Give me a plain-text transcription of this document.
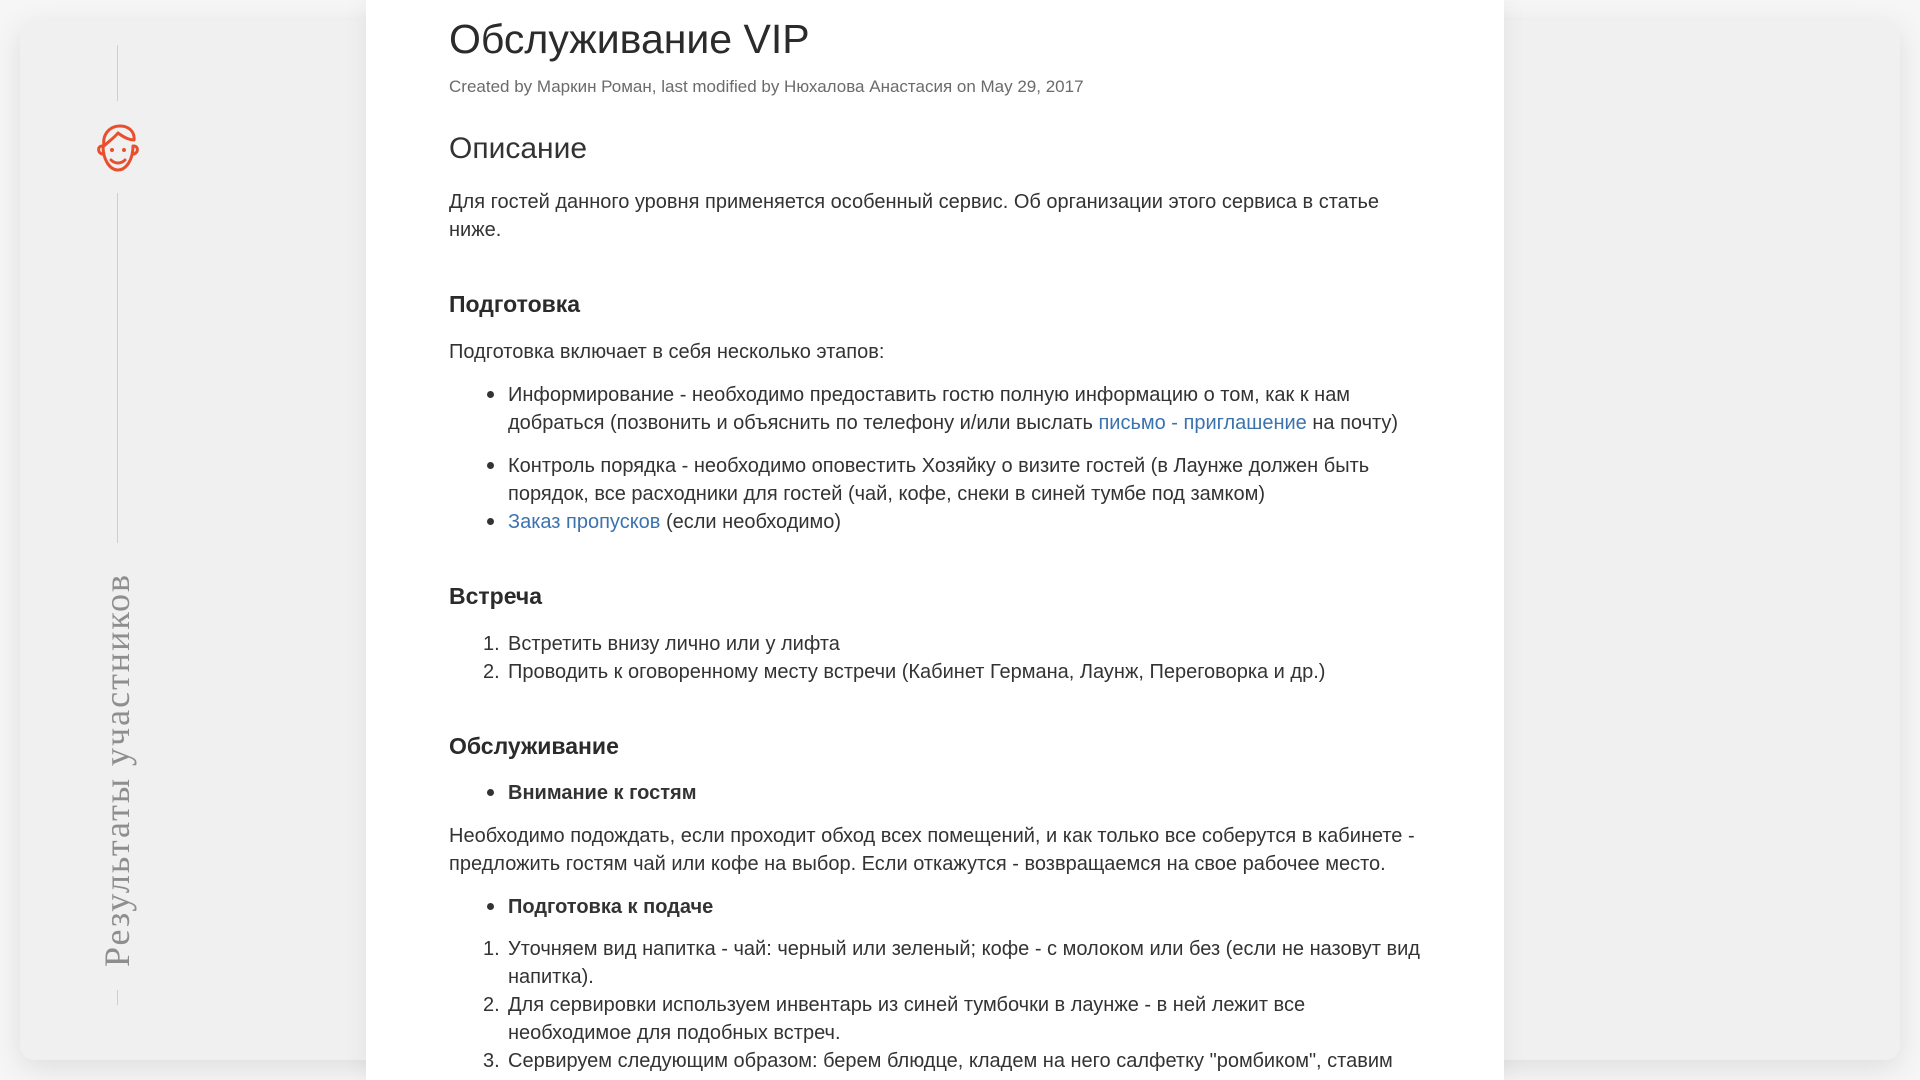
Результаты участников
Обслуживание VIP
Created by Маркин Роман, last modified by Нюхалова Анастасия on May 29, 2017
Описание
Для гостей данного уровня применяется особенный сервис. Об организации этого сервиса в статье
ниже.
Подготовка
Подготовка включает в себя несколько этапов:
Информирование - необходимо предоставить гостю полную информацию о том, как к нам
добраться (позвонить и объяснить по телефону и/или выслать письмо - приглашение на почту)
Контроль порядка - необходимо оповестить Хозяйку о визите гостей (в Лаунже должен быть
порядок, все расходники для гостей (чай, кофе, снеки в синей тумбе под замком)
Заказ пропусков (если необходимо)
Встреча
1. Встретить внизу лично или у лифта
2. Проводить к оговоренному месту встречи (Кабинет Германа, Лаунж, Переговорка и др.)
Обслуживание
Внимание к гостям
Необходимо подождать, если проходит обход всех помещений, и как только все соберутся в кабинете -
предложить гостям чай или кофе на выбор. Если откажутся - возвращаемся на свое рабочее место.
Подготовка к подаче
1. Уточняем вид напитка - чай: черный или зеленый; кофе - с молоком или без (если не назовут вид
напитка).
2. Для сервировки используем инвентарь из синей тумбочки в лаунже - в ней лежит все
необходимое для подобных встреч.
3. Сервируем следующим образом: берем блюдце, кладем на него салфетку "ромбиком", ставим
